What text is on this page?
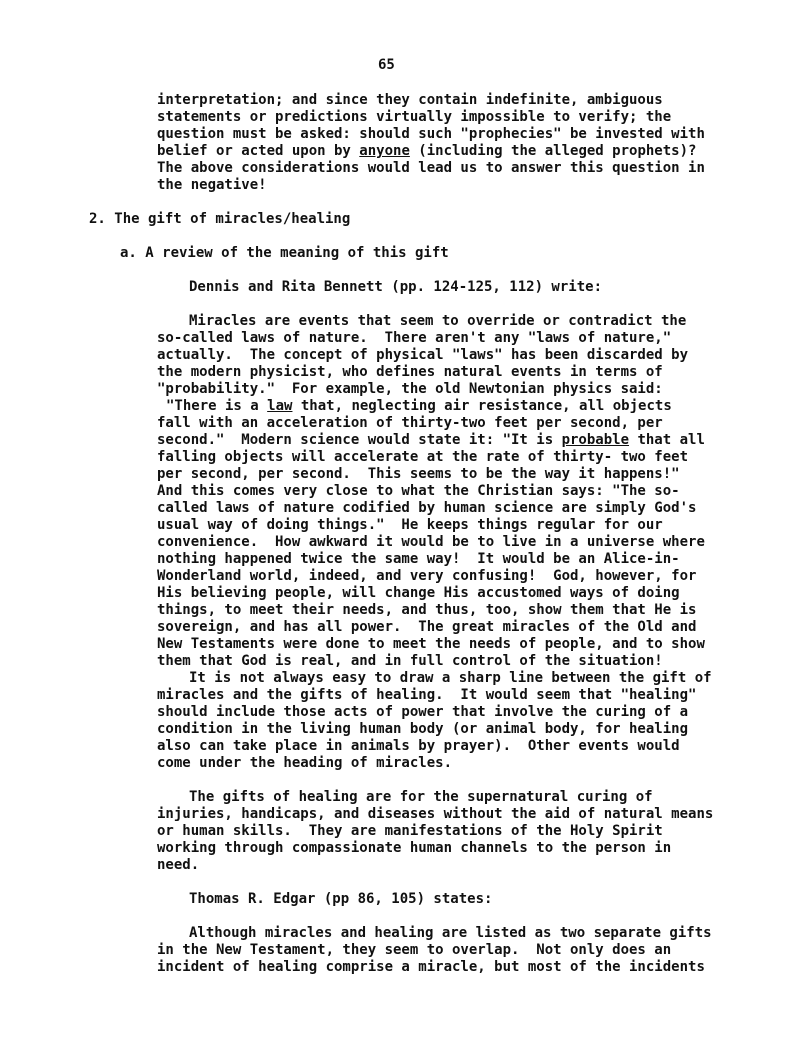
65
interpretation; and since they contain indefinite, ambiguous
statements or predictions virtually impossible to verify; the
question must be asked: should such "prophecies" be invested with
belief or acted upon by anyone (including the alleged prophets)?
The above considerations would lead us to answer this question in
the negative!
2. The gift of miracles/healing
a. A review of the meaning of this gift
Dennis and Rita Bennett (pp. 124-125, 112) write:
Miracles are events that seem to override or contradict the
so-called laws of nature.  There aren't any "laws of nature,"
actually.  The concept of physical "laws" has been discarded by
the modern physicist, who defines natural events in terms of
"probability."  For example, the old Newtonian physics said:
"There is a law that, neglecting air resistance, all objects
fall with an acceleration of thirty-two feet per second, per
second."  Modern science would state it: "It is probable that all
falling objects will accelerate at the rate of thirty- two feet
per second, per second.  This seems to be the way it happens!"
And this comes very close to what the Christian says: "The so-
called laws of nature codified by human science are simply God's
usual way of doing things."  He keeps things regular for our
convenience.  How awkward it would be to live in a universe where
nothing happened twice the same way!  It would be an Alice-in-
Wonderland world, indeed, and very confusing!  God, however, for
His believing people, will change His accustomed ways of doing
things, to meet their needs, and thus, too, show them that He is
sovereign, and has all power.  The great miracles of the Old and
New Testaments were done to meet the needs of people, and to show
them that God is real, and in full control of the situation!
It is not always easy to draw a sharp line between the gift of
miracles and the gifts of healing.  It would seem that "healing"
should include those acts of power that involve the curing of a
condition in the living human body (or animal body, for healing
also can take place in animals by prayer).  Other events would
come under the heading of miracles.
The gifts of healing are for the supernatural curing of
injuries, handicaps, and diseases without the aid of natural means
or human skills.  They are manifestations of the Holy Spirit
working through compassionate human channels to the person in
need.
Thomas R. Edgar (pp 86, 105) states:
Although miracles and healing are listed as two separate gifts
in the New Testament, they seem to overlap.  Not only does an
incident of healing comprise a miracle, but most of the incidents
